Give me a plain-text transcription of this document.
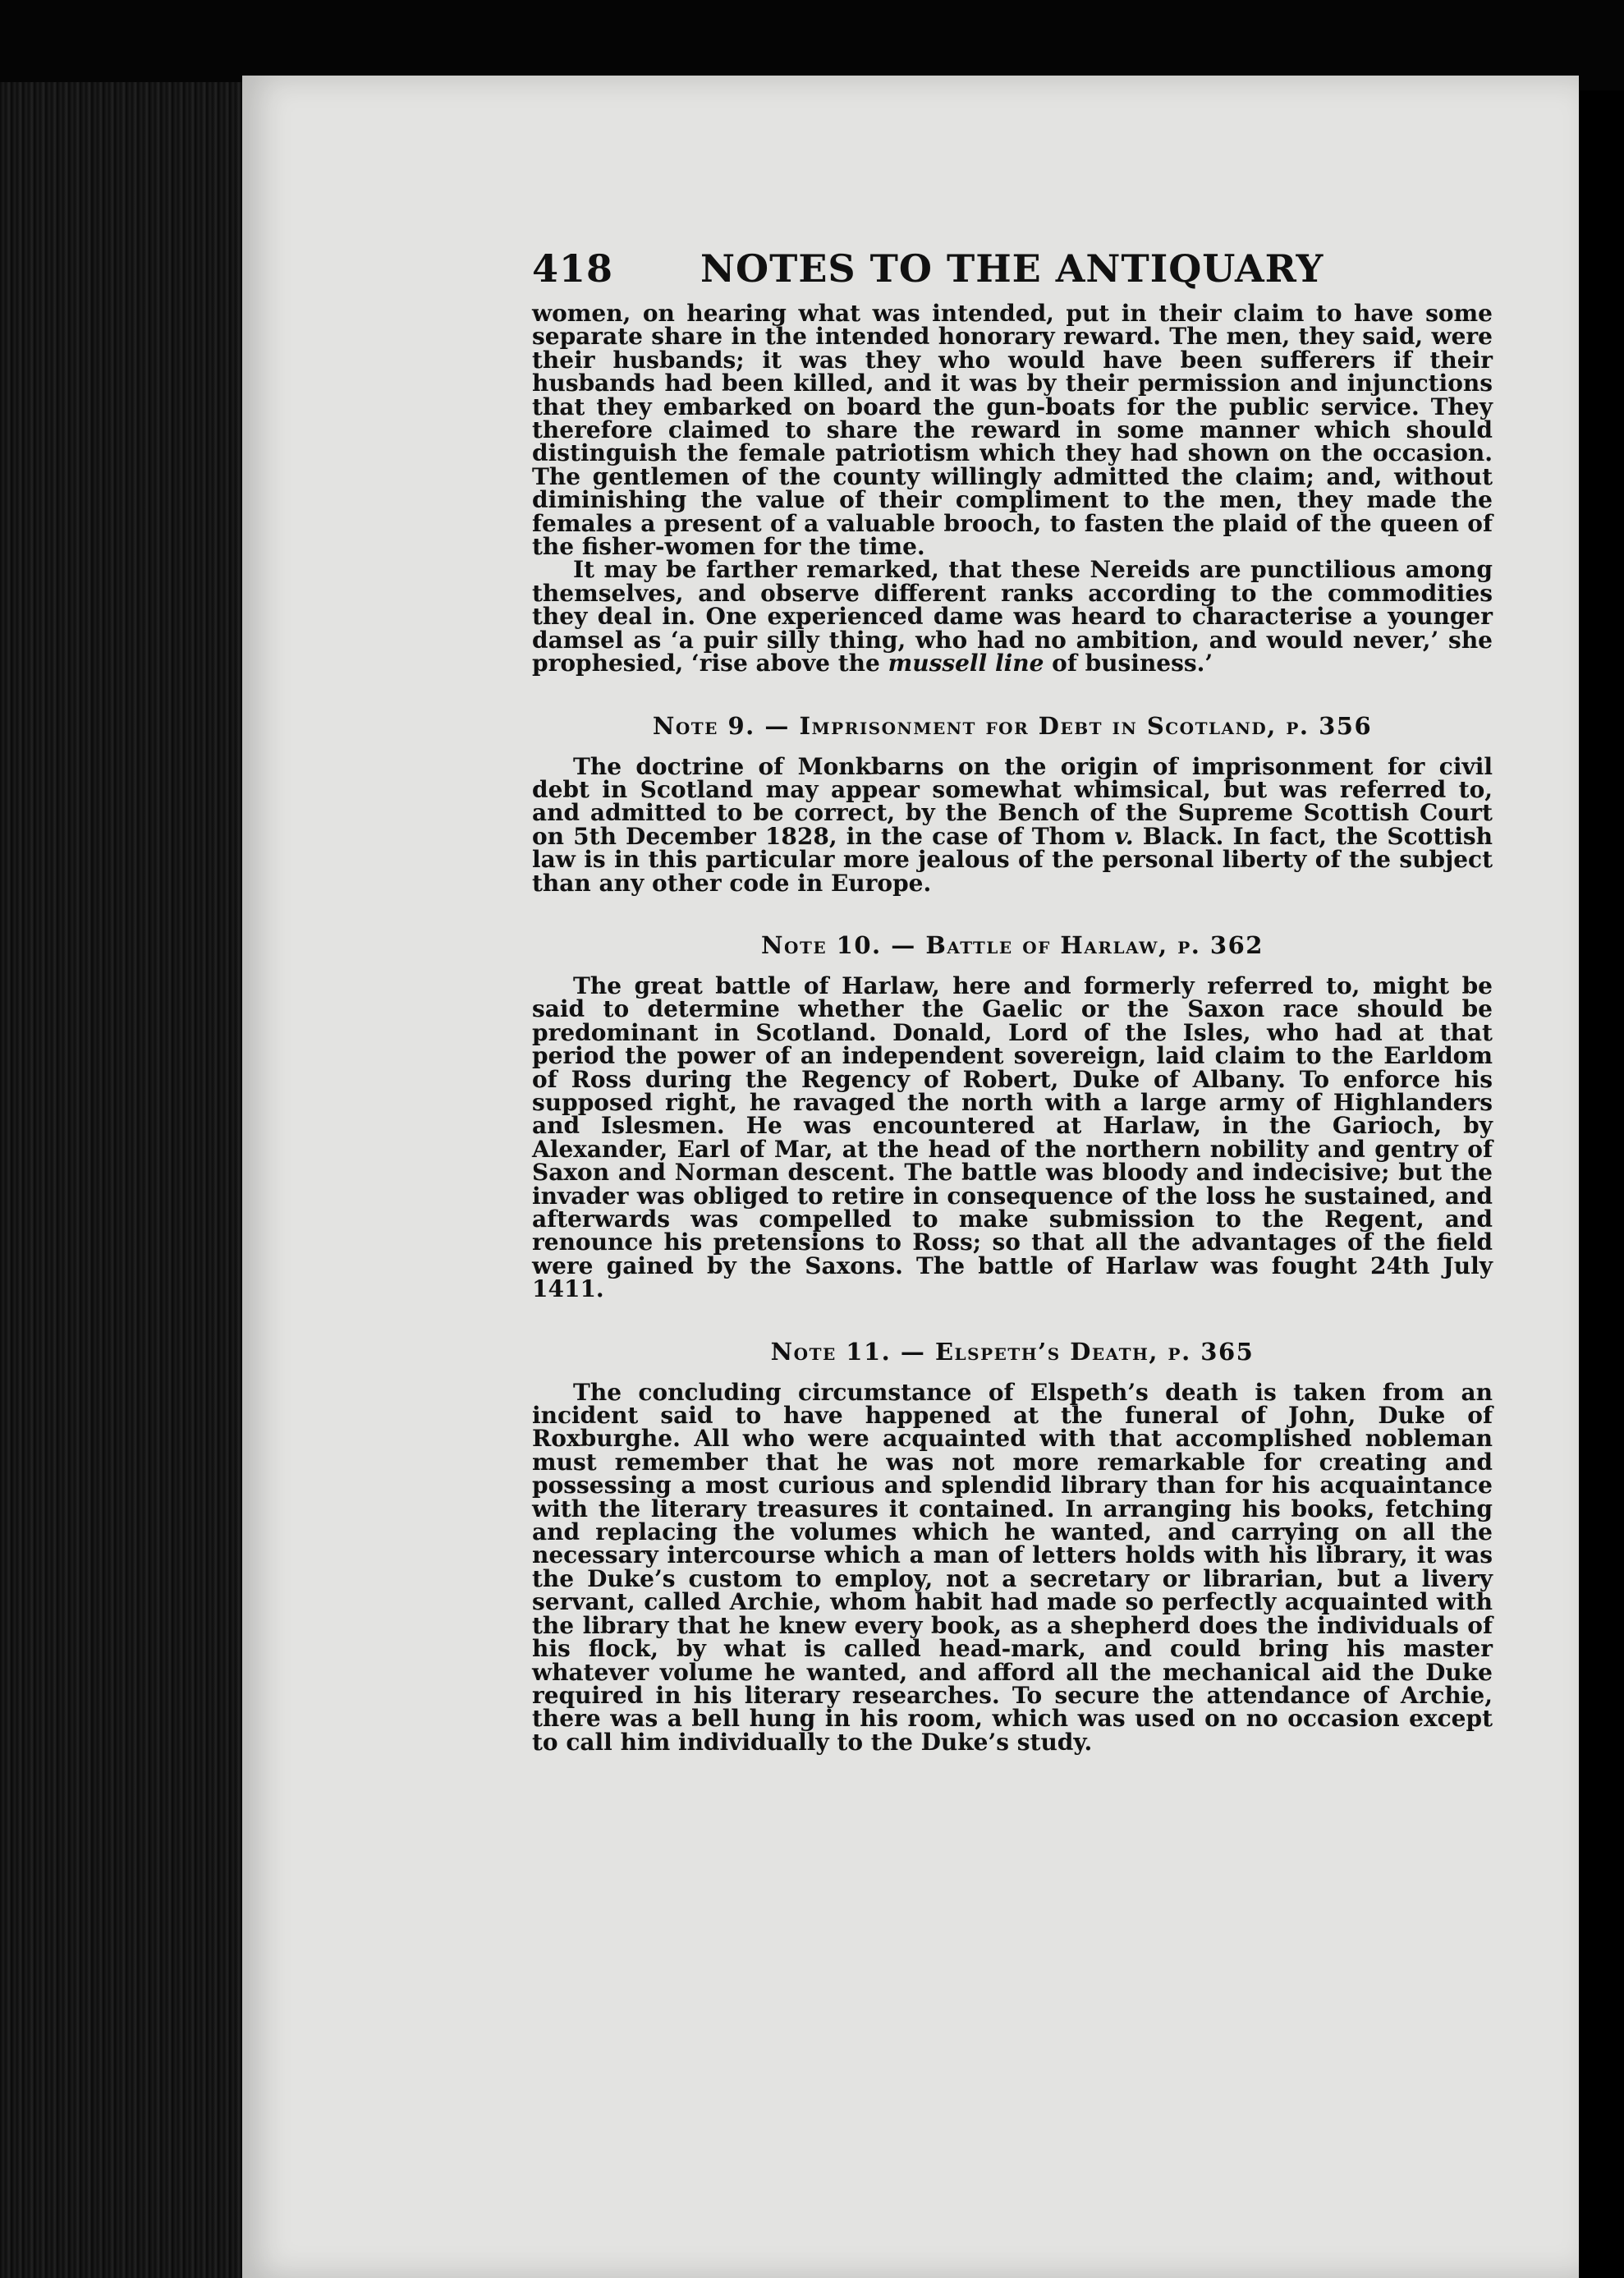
418	NOTES TO THE ANTIQUARY

women, on hearing what was intended, put in their claim to have some separate share in the intended honorary reward. The men, they said, were their husbands; it was they who would have been sufferers if their husbands had been killed, and it was by their permission and injunctions that they embarked on board the gun-boats for the public service. They therefore claimed to share the reward in some manner which should distinguish the female patriotism which they had shown on the occasion. The gentlemen of the county willingly admitted the claim; and, without diminishing the value of their compliment to the men, they made the females a present of a valuable brooch, to fasten the plaid of the queen of the fisher-women for the time.

It may be farther remarked, that these Nereids are punctilious among themselves, and observe different ranks according to the commodities they deal in. One experienced dame was heard to characterise a younger damsel as ‘a puir silly thing, who had no ambition, and would never,’ she prophesied, ‘rise above the mussell line of business.’

Note 9. — Imprisonment for Debt in Scotland, p. 356

The doctrine of Monkbarns on the origin of imprisonment for civil debt in Scotland may appear somewhat whimsical, but was referred to, and admitted to be correct, by the Bench of the Supreme Scottish Court on 5th December 1828, in the case of Thom v. Black. In fact, the Scottish law is in this particular more jealous of the personal liberty of the subject than any other code in Europe.

Note 10. — Battle of Harlaw, p. 362

The great battle of Harlaw, here and formerly referred to, might be said to determine whether the Gaelic or the Saxon race should be predominant in Scotland. Donald, Lord of the Isles, who had at that period the power of an independent sovereign, laid claim to the Earldom of Ross during the Regency of Robert, Duke of Albany. To enforce his supposed right, he ravaged the north with a large army of Highlanders and Islesmen. He was encountered at Harlaw, in the Garioch, by Alexander, Earl of Mar, at the head of the northern nobility and gentry of Saxon and Norman descent. The battle was bloody and indecisive; but the invader was obliged to retire in consequence of the loss he sustained, and afterwards was compelled to make submission to the Regent, and renounce his pretensions to Ross; so that all the advantages of the field were gained by the Saxons. The battle of Harlaw was fought 24th July 1411.

Note 11. — Elspeth’s Death, p. 365

The concluding circumstance of Elspeth’s death is taken from an incident said to have happened at the funeral of John, Duke of Roxburghe. All who were acquainted with that accomplished nobleman must remember that he was not more remarkable for creating and possessing a most curious and splendid library than for his acquaintance with the literary treasures it contained. In arranging his books, fetching and replacing the volumes which he wanted, and carrying on all the necessary intercourse which a man of letters holds with his library, it was the Duke’s custom to employ, not a secretary or librarian, but a livery servant, called Archie, whom habit had made so perfectly acquainted with the library that he knew every book, as a shepherd does the individuals of his flock, by what is called head-mark, and could bring his master whatever volume he wanted, and afford all the mechanical aid the Duke required in his literary researches. To secure the attendance of Archie, there was a bell hung in his room, which was used on no occasion except to call him individually to the Duke’s study.
